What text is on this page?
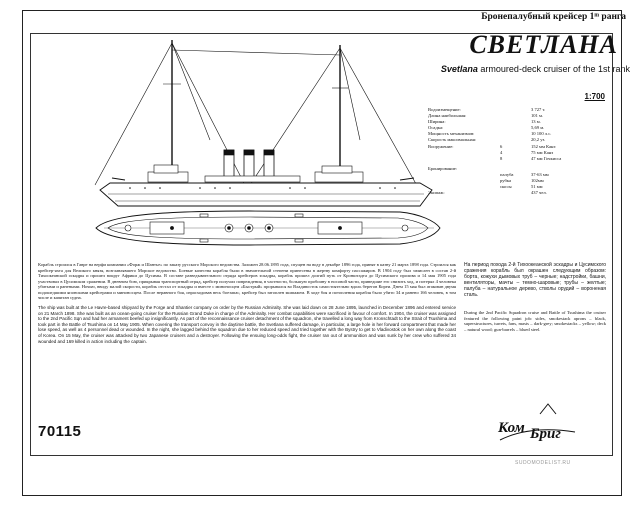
Бронепалубный крейсер 1ᵐ ранга
СВЕТЛАНА
Svetlana armoured-deck cruiser of the 1st rank
1:700
Водоизмещение:	3 727 т.
Длина наибольшая:	101 м.
Ширина:	13 м.
Осадка:	5,69 м.
Мощность механизмов:	10 100 л.с.
Скорость максимальная:	20,2 уз.
Вооружение:	6	152 мм Канэ
4	75 мм Канэ
8	47 мм Гочкисса
Бронирование:
палуба	37-63 мм
рубка	102мм
скосы	51 мм
Экипаж:	437 чел.
Корабль строился в Гавре на верфи компании «Форж и Шантье» по заказу русского Морского ведомства. Заложен 28.06.1895 года, спущен на воду в декабре 1896 года, принят в казну 21 марта 1898 года. Строился как крейсер-яхта для Великого князя, возглавлявшего Морское ведомство. Боевые качества корабля были в значительной степени принесены в жертву комфорту пассажиров. В 1904 году был зачислен в состав 2-й Тихоокеанской эскадры и прошел вокруг Африки до Цусимы. В составе разведывательного отряда крейсеров эскадры, корабль прошел долгий путь от Кронштадта до Цусимского пролива и 14 мая 1905 года участвовал в Цусимском сражении. В дневном бою, прикрывая транспортный отряд, крейсер получил повреждения, в частности, большую пробоину в носовой части, приведшие его снизить ход, и потерял 4 человека убитыми и ранеными. Ночью, ввиду малой скорости, корабль отстал от эскадры и вместе с миноносцем «Быстрый» прорывался во Владивосток самостоятельно вдоль берегов Кореи. Днем 15 мая был атакован двумя подошедшими японскими крейсерами и миноносцем. После неравного боя, израсходовав весь боезапас, крейсер был затоплен экипажем. В ходе боя и потопления корабля было убито 34 и ранено 166 человек, в том числе и капитан судна.
The ship was built at the Le Havre-based shipyard by the Forge and Shantier company on order by the Russian Admiralty. She was laid down on 28 June 1895, launched in December 1896 and entered service on 21 March 1898. She was built as an ocean-going cruiser for the Russian Grand Duke in charge of the Admiralty. Her combat capabilities were sacrificed in favour of comfort. In 1904, the cruiser was assigned to the 2nd Pacific Sqn and had her armament beefed up insignificantly. As part of the reconnaissance cruiser detachment of the squadron, she travelled a long way from Kronschtadt to the Strait of Tsushima and took part in the Battle of Tsushima on 14 May 1905. When covering the transport convoy in the daytime battle, the Svetlana suffered damage, in particular, a large hole in her forward compartment that made her lose speed, as well as 4 personnel dead or wounded. In the night, she lagged behind the squadron due to her reduced speed and tried together with the Bystry to get to Vladivostok on her own along the coast of Korea. On 15 May, the cruiser was attacked by two Japanese cruisers and a destroyer. Following the ensuing long-odds fight, the cruiser ran out of ammunition and was sunk by her crew who suffered 34 wounded and 169 killed in action including the captain.
На период похода 2-й Тихоокеанской эскадры и Цусимского сражения корабль был окрашен следующим образом: борта, кожухи дымовых труб – черные; надстройки, башни, вентиляторы, мачты – темно-шаровые; трубы – желтые; палуба – натуральное дерево, стволы орудий – вороненая сталь.
During the 2nd Pacific Squadron cruise and Battle of Tsushima the cruiser featured the following paint job: sides, smokestack aprons – black, superstructures, turrets, fans, masts – dark-grey; smokestacks – yellow; deck – natural wood; gun-barrels – blued steel.
70115	Ком Бриг
SUDOMODELIST.RU
